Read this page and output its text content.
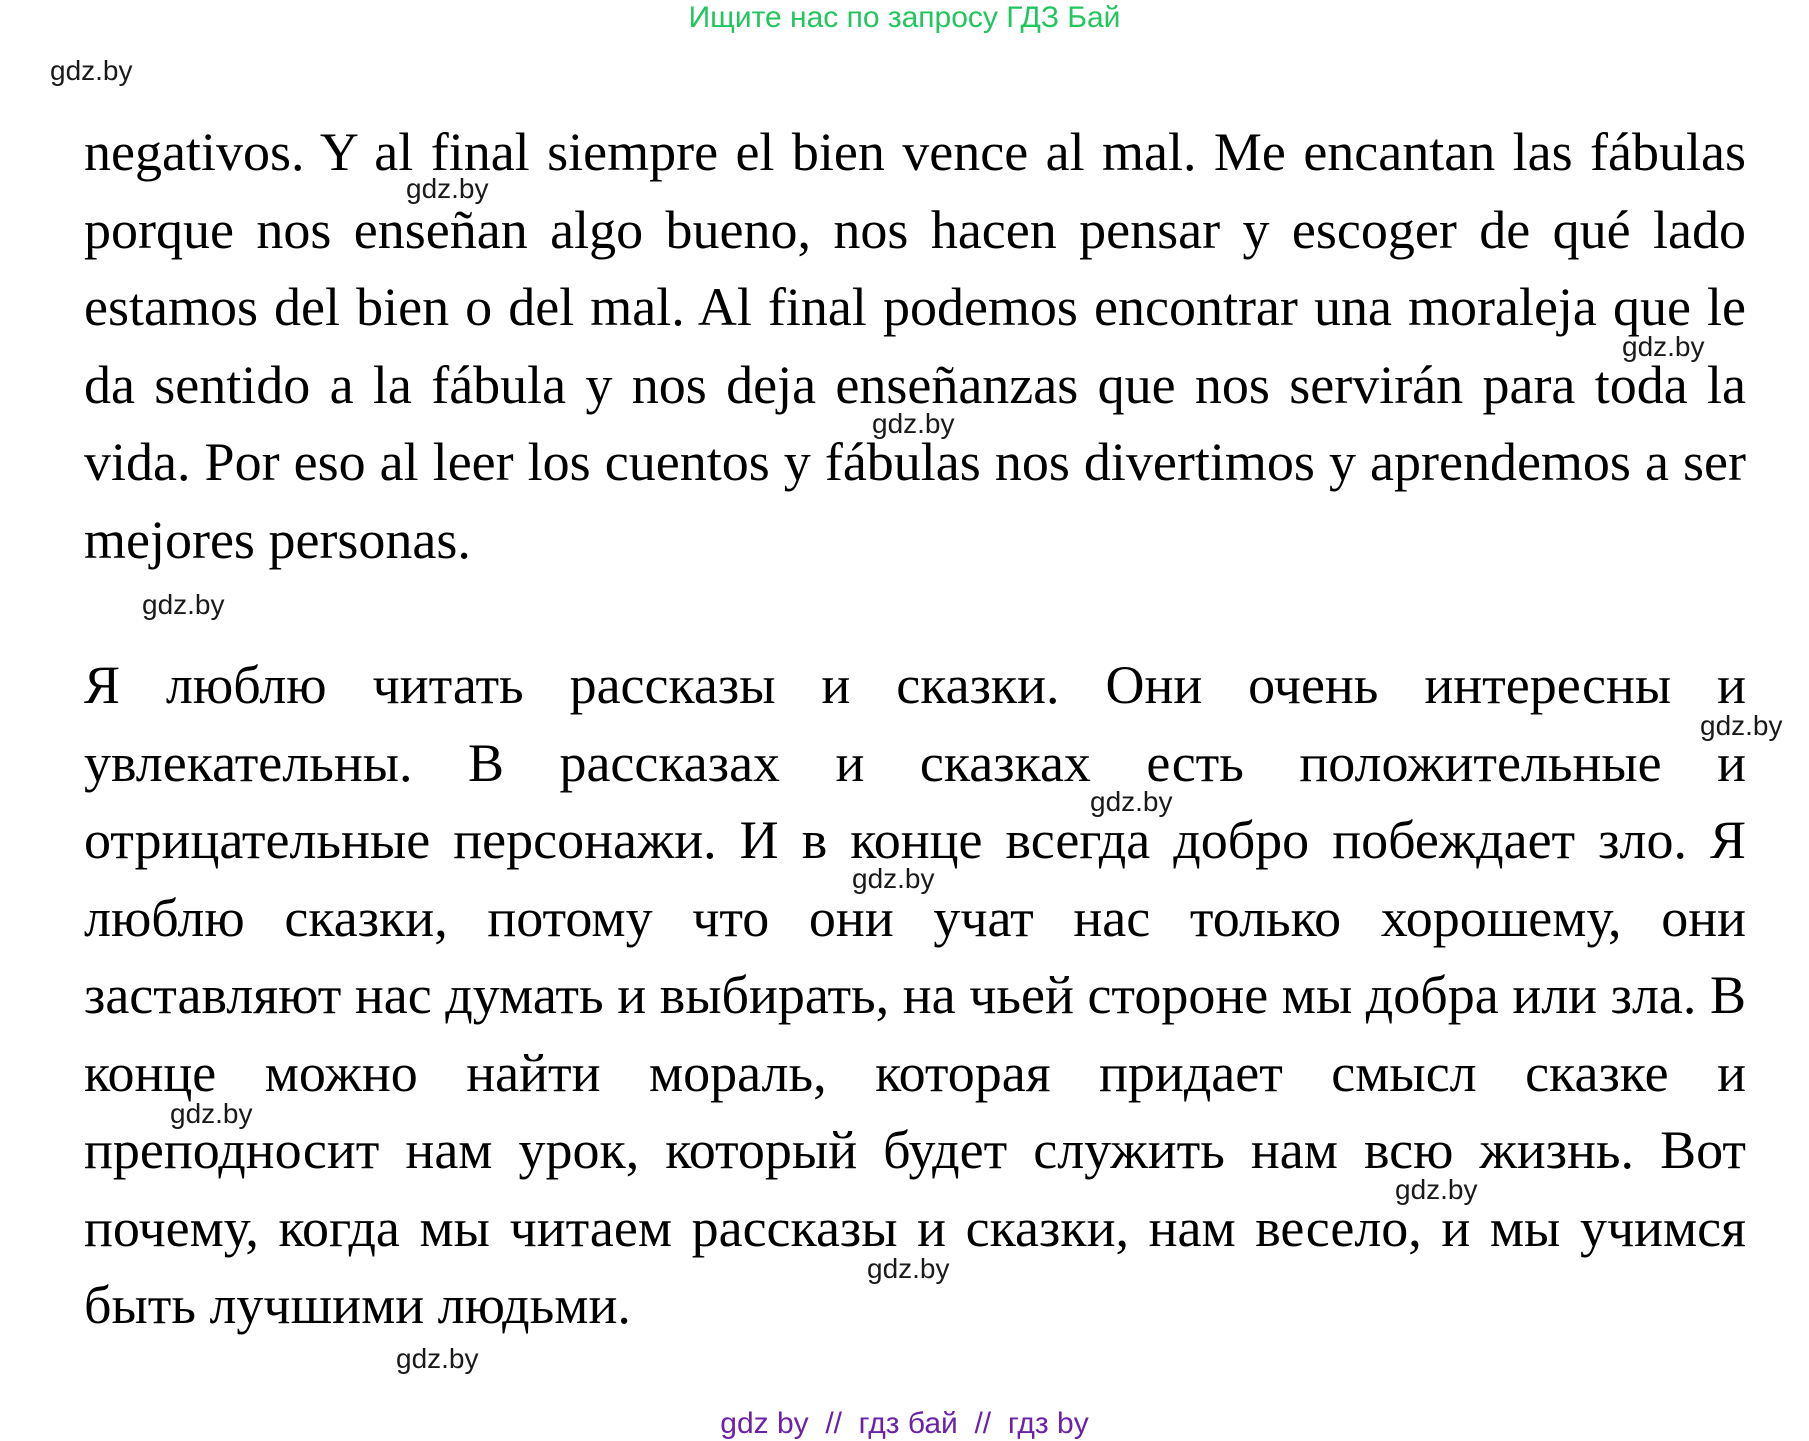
Ищите нас по запросу ГДЗ Бай
gdz.by
gdz.by
gdz.by
gdz.by
gdz.by
gdz.by
gdz.by
gdz.by
gdz.by
gdz.by
gdz.by
gdz.by

negativos. Y al final siempre el bien vence al mal. Me encantan las fábulas porque nos enseñan algo bueno, nos hacen pensar y escoger de qué lado estamos del bien o del mal. Al final podemos encontrar una moraleja que le da sentido a la fábula y nos deja enseñanzas que nos servirán para toda la vida. Por eso al leer los cuentos y fábulas nos divertimos y aprendemos a ser mejores personas.

Я люблю читать рассказы и сказки. Они очень интересны и увлекательны. В рассказах и сказках есть положительные и отрицательные персонажи. И в конце всегда добро побеждает зло. Я люблю сказки, потому что они учат нас только хорошему, они заставляют нас думать и выбирать, на чьей стороне мы добра или зла. В конце можно найти мораль, которая придает смысл сказке и преподносит нам урок, который будет служить нам всю жизнь. Вот почему, когда мы читаем рассказы и сказки, нам весело, и мы учимся быть лучшими людьми.

gdz by  //  гдз бай  //  гдз by
